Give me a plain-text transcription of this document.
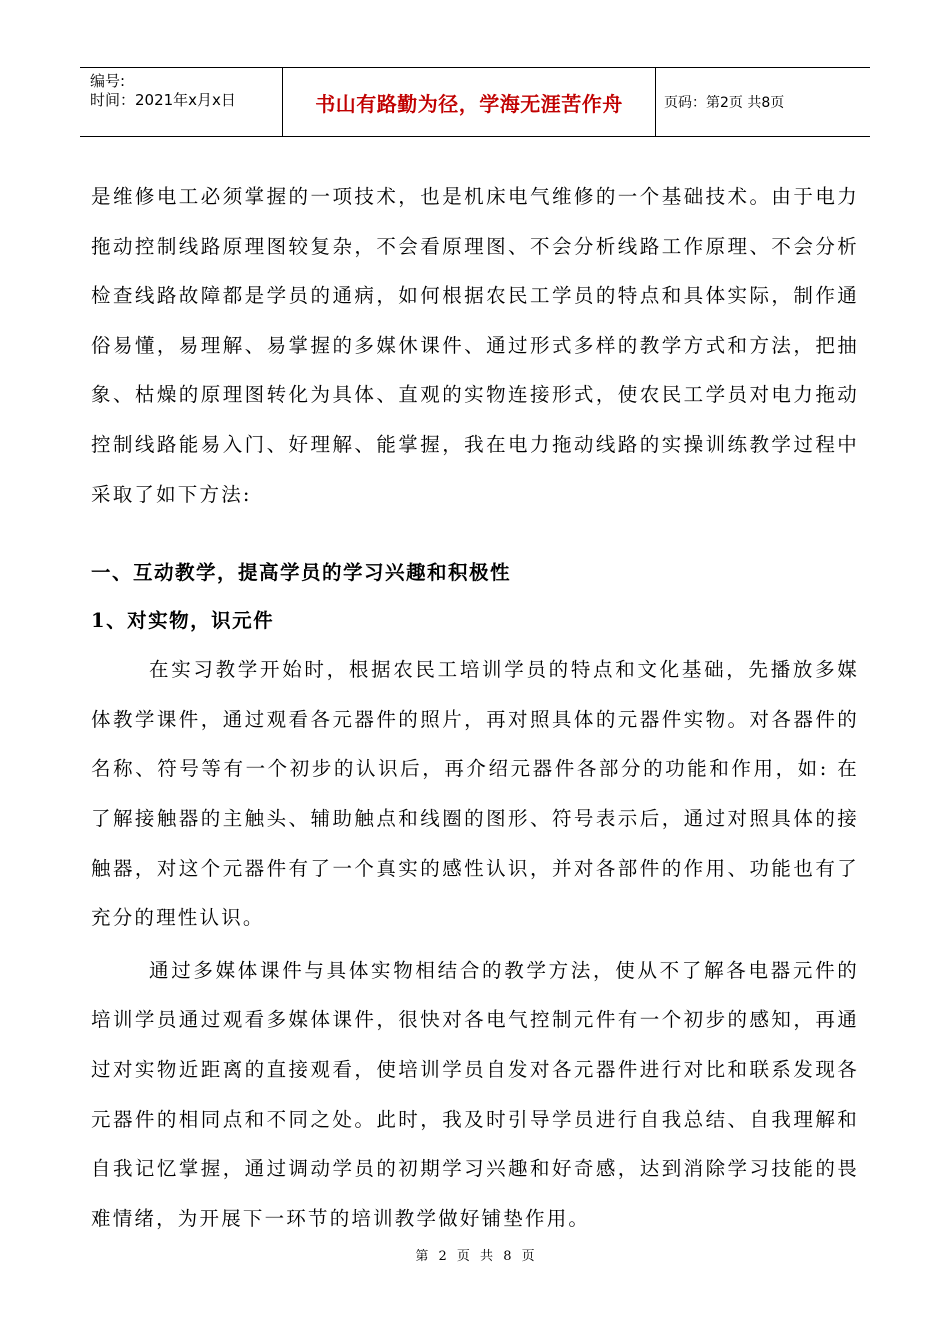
编号:
时间：2021年x月x日	书山有路勤为径，学海无涯苦作舟	页码：第2页 共8页

是维修电工必须掌握的一项技术，也是机床电气维修的一个基础技术。由于电力拖动控制线路原理图较复杂，不会看原理图、不会分析线路工作原理、不会分析检查线路故障都是学员的通病，如何根据农民工学员的特点和具体实际，制作通俗易懂，易理解、易掌握的多媒休课件、通过形式多样的教学方式和方法，把抽象、枯燥的原理图转化为具体、直观的实物连接形式，使农民工学员对电力拖动控制线路能易入门、好理解、能掌握，我在电力拖动线路的实操训练教学过程中采取了如下方法:

一、互动教学，提高学员的学习兴趣和积极性
1、对实物，识元件

在实习教学开始时，根据农民工培训学员的特点和文化基础，先播放多媒体教学课件，通过观看各元器件的照片，再对照具体的元器件实物。对各器件的名称、符号等有一个初步的认识后，再介绍元器件各部分的功能和作用，如: 在了解接触器的主触头、辅助触点和线圈的图形、符号表示后，通过对照具体的接触器，对这个元器件有了一个真实的感性认识，并对各部件的作用、功能也有了充分的理性认识。

通过多媒体课件与具体实物相结合的教学方法，使从不了解各电器元件的培训学员通过观看多媒体课件，很快对各电气控制元件有一个初步的感知，再通过对实物近距离的直接观看，使培训学员自发对各元器件进行对比和联系发现各元器件的相同点和不同之处。此时，我及时引导学员进行自我总结、自我理解和自我记忆掌握，通过调动学员的初期学习兴趣和好奇感，达到消除学习技能的畏难情绪，为开展下一环节的培训教学做好铺垫作用。

第 2 页 共 8 页
